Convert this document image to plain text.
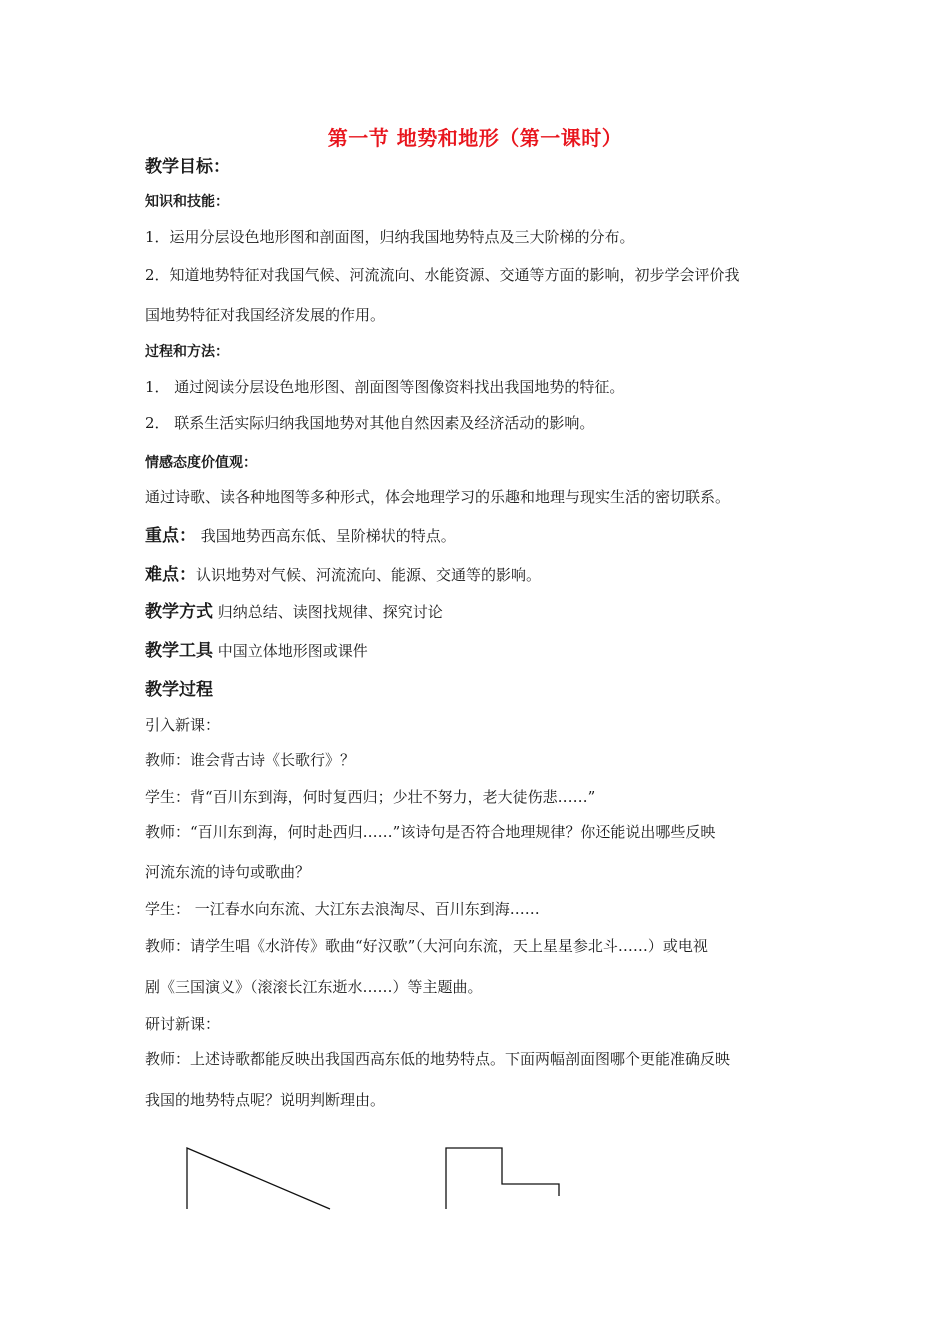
第一节 地势和地形（第一课时）
教学目标：
知识和技能：
1．运用分层设色地形图和剖面图，归纳我国地势特点及三大阶梯的分布。
2．知道地势特征对我国气候、河流流向、水能资源、交通等方面的影响，初步学会评价我
国地势特征对我国经济发展的作用。
过程和方法：
1． 通过阅读分层设色地形图、剖面图等图像资料找出我国地势的特征。
2． 联系生活实际归纳我国地势对其他自然因素及经济活动的影响。
情感态度价值观：
通过诗歌、读各种地图等多种形式，体会地理学习的乐趣和地理与现实生活的密切联系。
重点： 我国地势西高东低、呈阶梯状的特点。
难点：认识地势对气候、河流流向、能源、交通等的影响。
教学方式 归纳总结、读图找规律、探究讨论
教学工具 中国立体地形图或课件
教学过程
引入新课：
教师：谁会背古诗《长歌行》？
学生：背“百川东到海，何时复西归；少壮不努力，老大徒伤悲……”
教师：“百川东到海，何时赴西归……”该诗句是否符合地理规律？你还能说出哪些反映
河流东流的诗句或歌曲？
学生： 一江春水向东流、大江东去浪淘尽、百川东到海……
教师：请学生唱《水浒传》歌曲“好汉歌”（大河向东流，天上星星参北斗……）或电视
剧《三国演义》（滚滚长江东逝水……）等主题曲。
研讨新课：
教师：上述诗歌都能反映出我国西高东低的地势特点。下面两幅剖面图哪个更能准确反映
我国的地势特点呢？说明判断理由。
